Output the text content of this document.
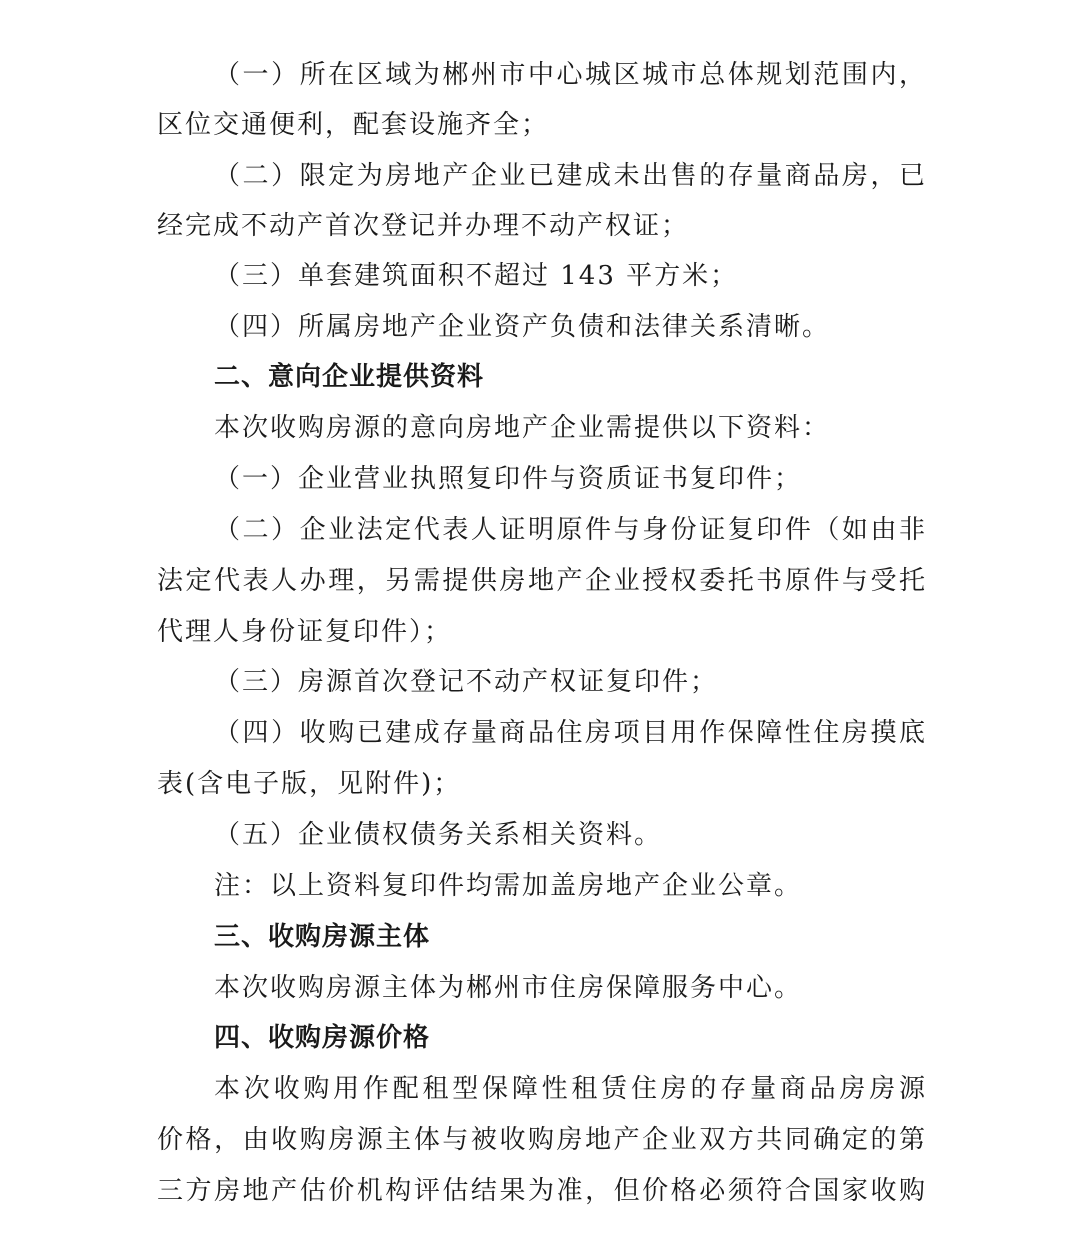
（一）所在区域为郴州市中心城区城市总体规划范围内，
区位交通便利，配套设施齐全；
（二）限定为房地产企业已建成未出售的存量商品房，已
经完成不动产首次登记并办理不动产权证；
（三）单套建筑面积不超过 143 平方米；
（四）所属房地产企业资产负债和法律关系清晰。
二、意向企业提供资料
本次收购房源的意向房地产企业需提供以下资料：
（一）企业营业执照复印件与资质证书复印件；
（二）企业法定代表人证明原件与身份证复印件（如由非
法定代表人办理，另需提供房地产企业授权委托书原件与受托
代理人身份证复印件）；
（三）房源首次登记不动产权证复印件；
（四）收购已建成存量商品住房项目用作保障性住房摸底
表(含电子版，见附件)；
（五）企业债权债务关系相关资料。
注：以上资料复印件均需加盖房地产企业公章。
三、收购房源主体
本次收购房源主体为郴州市住房保障服务中心。
四、收购房源价格
本次收购用作配租型保障性租赁住房的存量商品房房源
价格，由收购房源主体与被收购房地产企业双方共同确定的第
三方房地产估价机构评估结果为准，但价格必须符合国家收购
